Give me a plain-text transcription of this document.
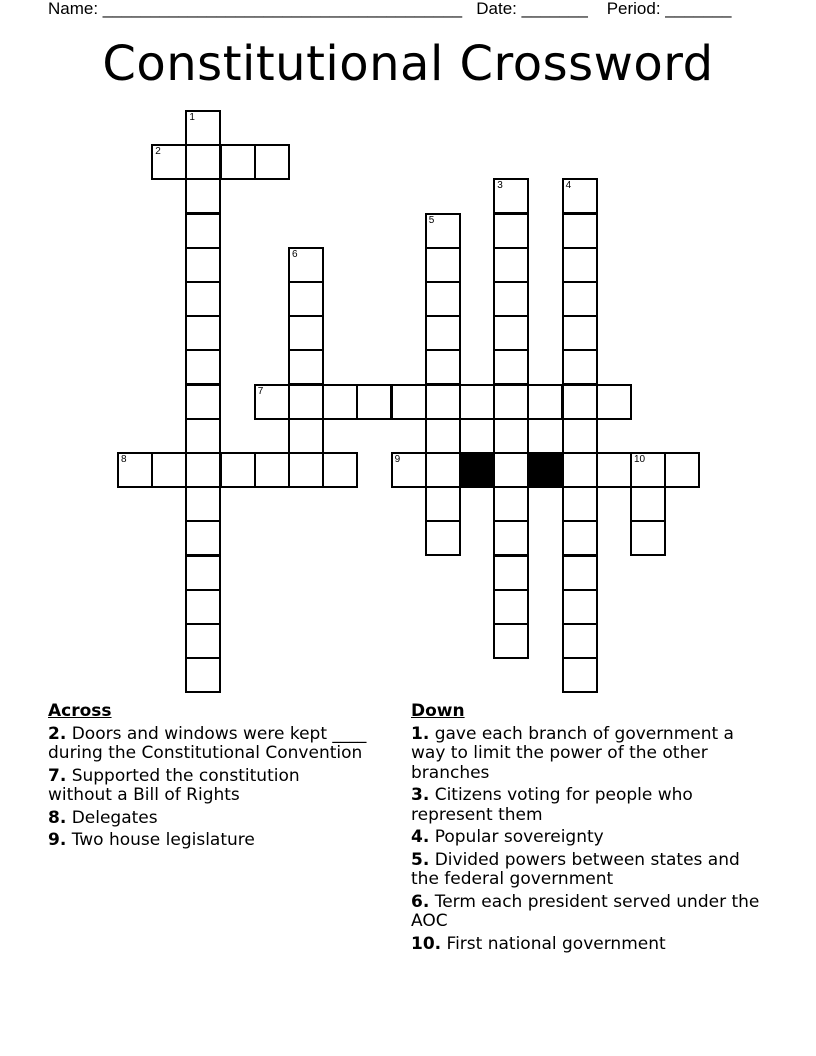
Name: ______________________________________ Date: _______ Period: _______
Constitutional Crossword
1
2
3	4
5
6
7
8	9	10
Across
2. Doors and windows were kept ____ during the Constitutional Convention
7. Supported the constitution without a Bill of Rights
8. Delegates
9. Two house legislature
Down
1. gave each branch of government a way to limit the power of the other branches
3. Citizens voting for people who represent them
4. Popular sovereignty
5. Divided powers between states and the federal government
6. Term each president served under the AOC
10. First national government
